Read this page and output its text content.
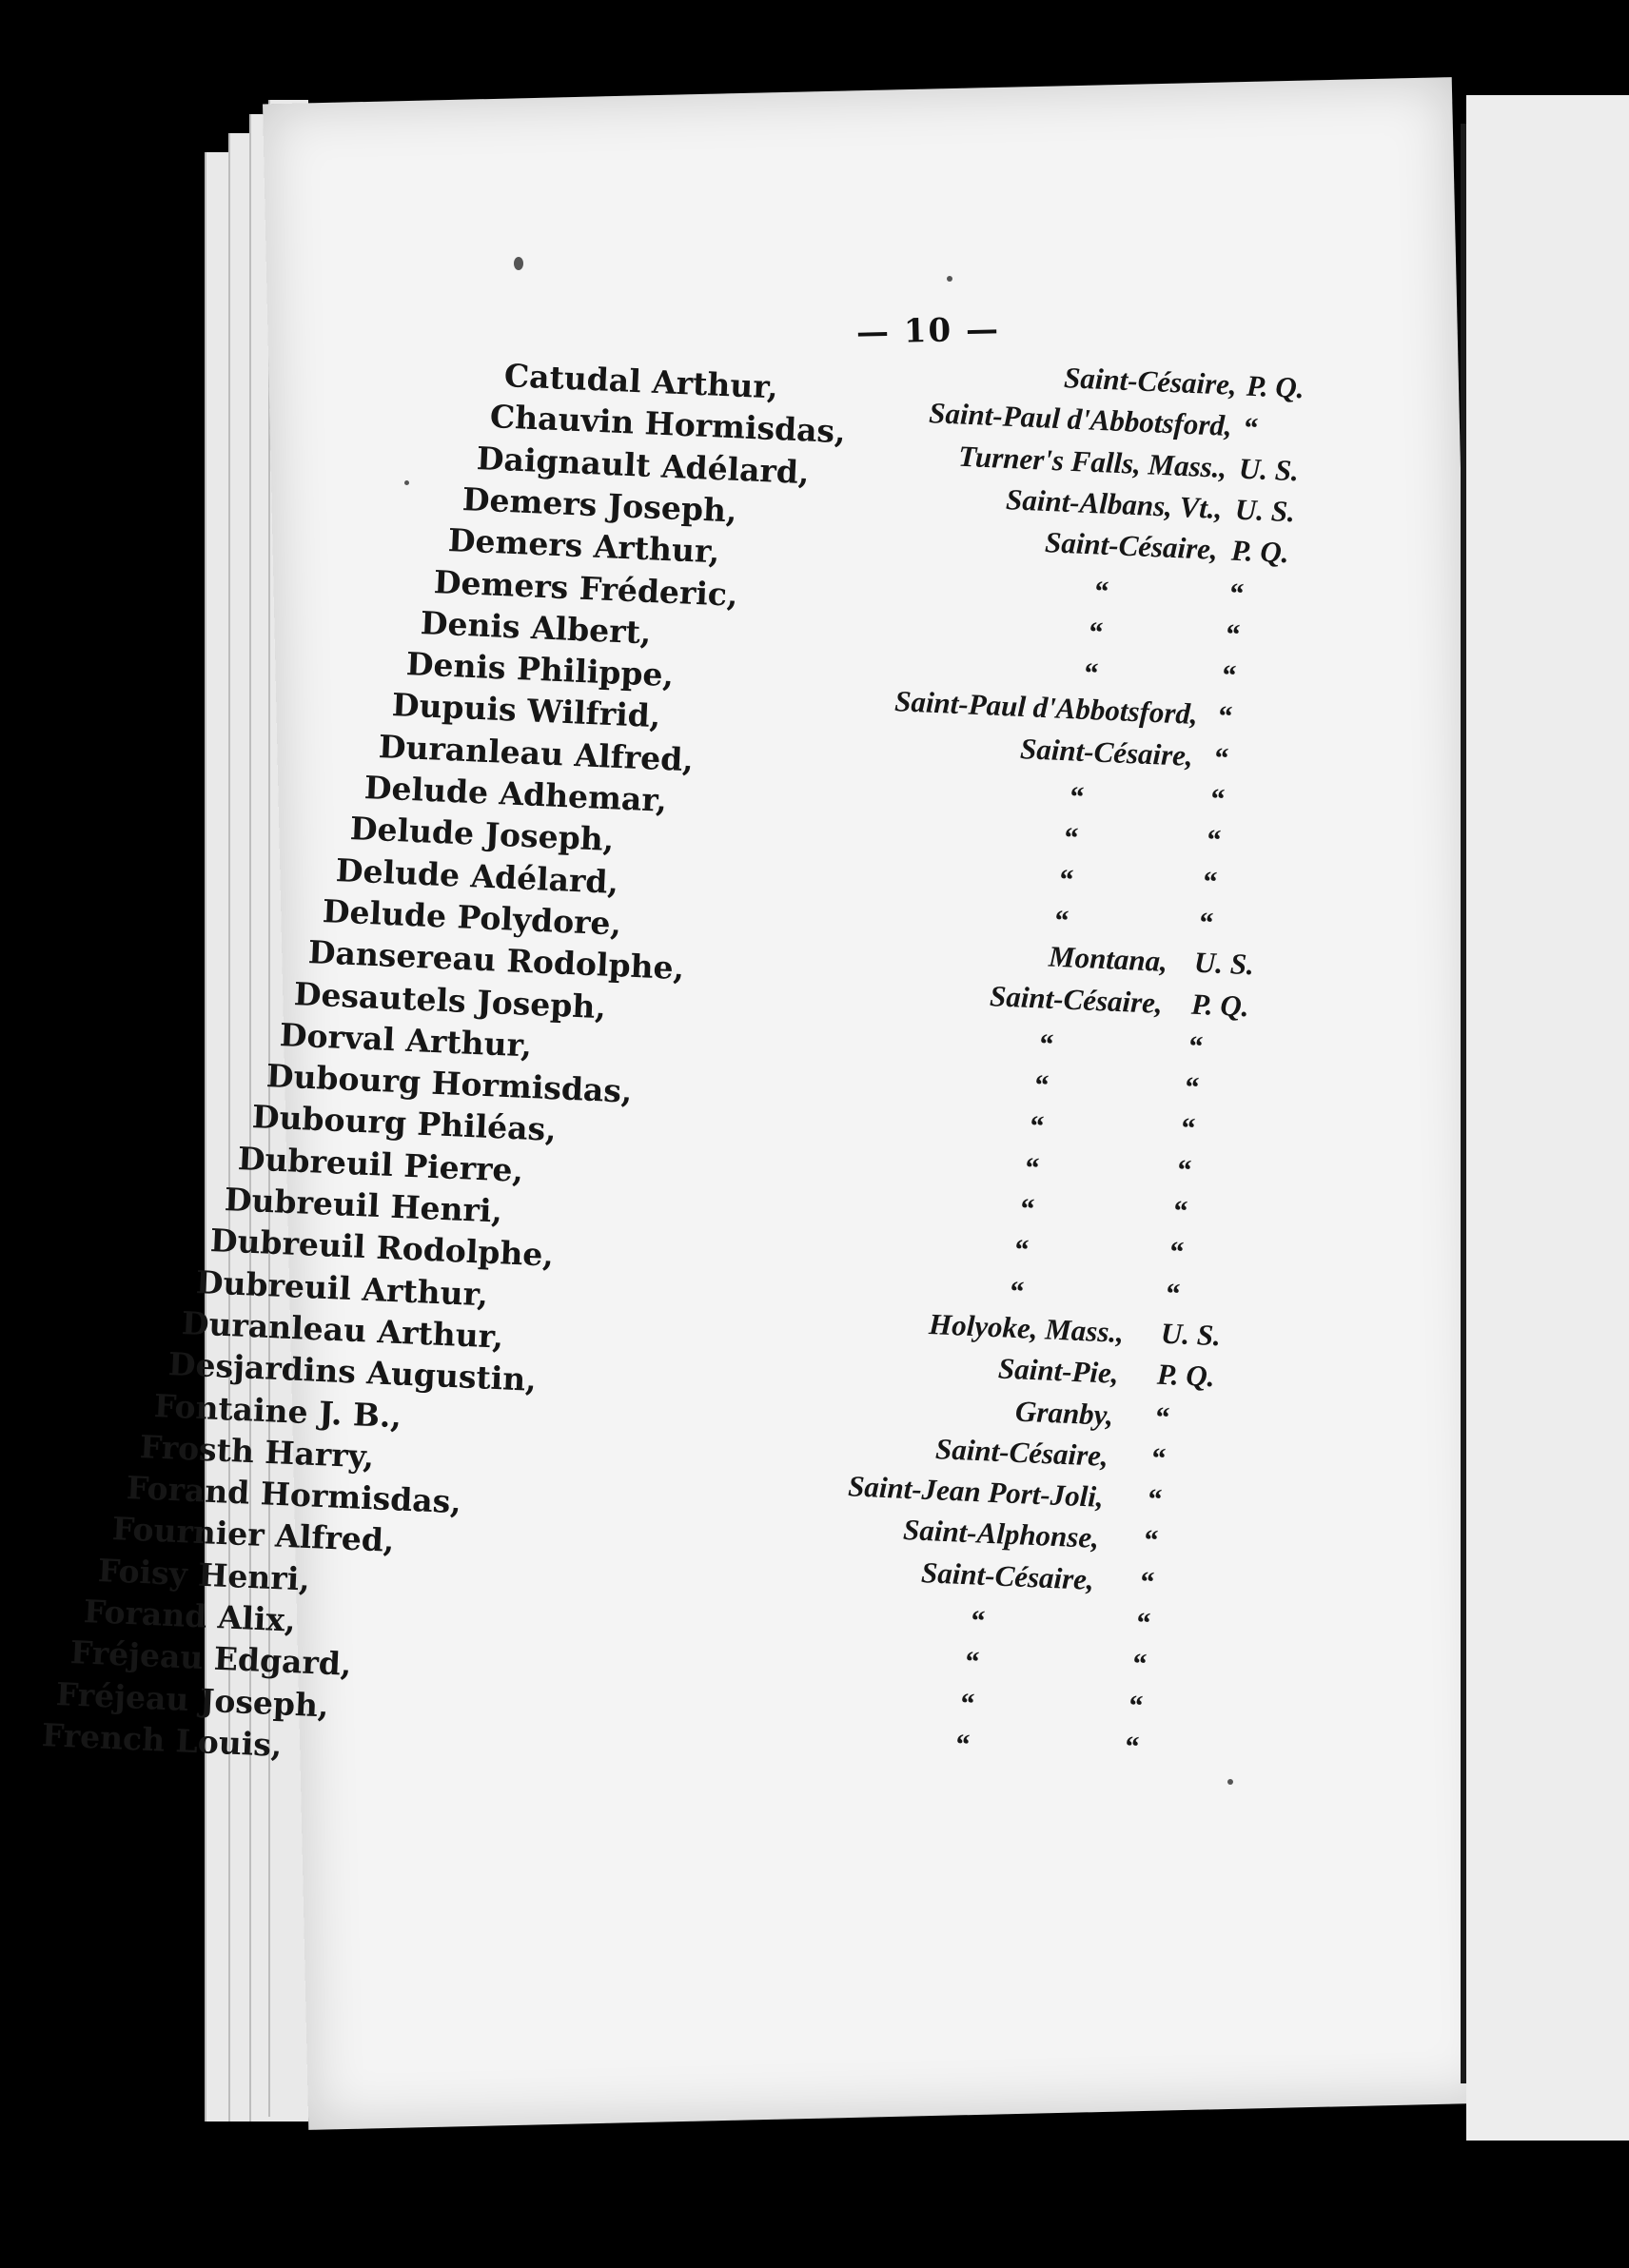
— 10 —
Catudal Arthur,	Saint-Césaire, P. Q.
Chauvin Hormisdas,	Saint-Paul d'Abbotsford, “
Daignault Adélard,	Turner's Falls, Mass., U. S.
Demers Joseph,	Saint-Albans, Vt., U. S.
Demers Arthur,	Saint-Césaire, P. Q.
Demers Fréderic,	“	“
Denis Albert,	“	“
Denis Philippe,	“	“
Dupuis Wilfrid,	Saint-Paul d'Abbotsford, “
Duranleau Alfred,	Saint-Césaire, “
Delude Adhemar,	“	“
Delude Joseph,	“	“
Delude Adélard,	“	“
Delude Polydore,	“	“
Dansereau Rodolphe,	Montana, U. S.
Desautels Joseph,	Saint-Césaire, P. Q.
Dorval Arthur,	“	“
Dubourg Hormisdas,	“	“
Dubourg Philéas,	“	“
Dubreuil Pierre,	“	“
Dubreuil Henri,	“	“
Dubreuil Rodolphe,	“	“
Dubreuil Arthur,	“	“
Duranleau Arthur,	Holyoke, Mass., U. S.
Desjardins Augustin,	Saint-Pie, P. Q.
Fontaine J. B.,	Granby, “
Frosth Harry,	Saint-Césaire, “
Forand Hormisdas,	Saint-Jean Port-Joli, “
Fournier Alfred,	Saint-Alphonse, “
Foisy Henri,	Saint-Césaire, “
Forand Alix,	“	“
Fréjeau Edgard,	“	“
Fréjeau Joseph,	“	“
French Louis,	“	“
